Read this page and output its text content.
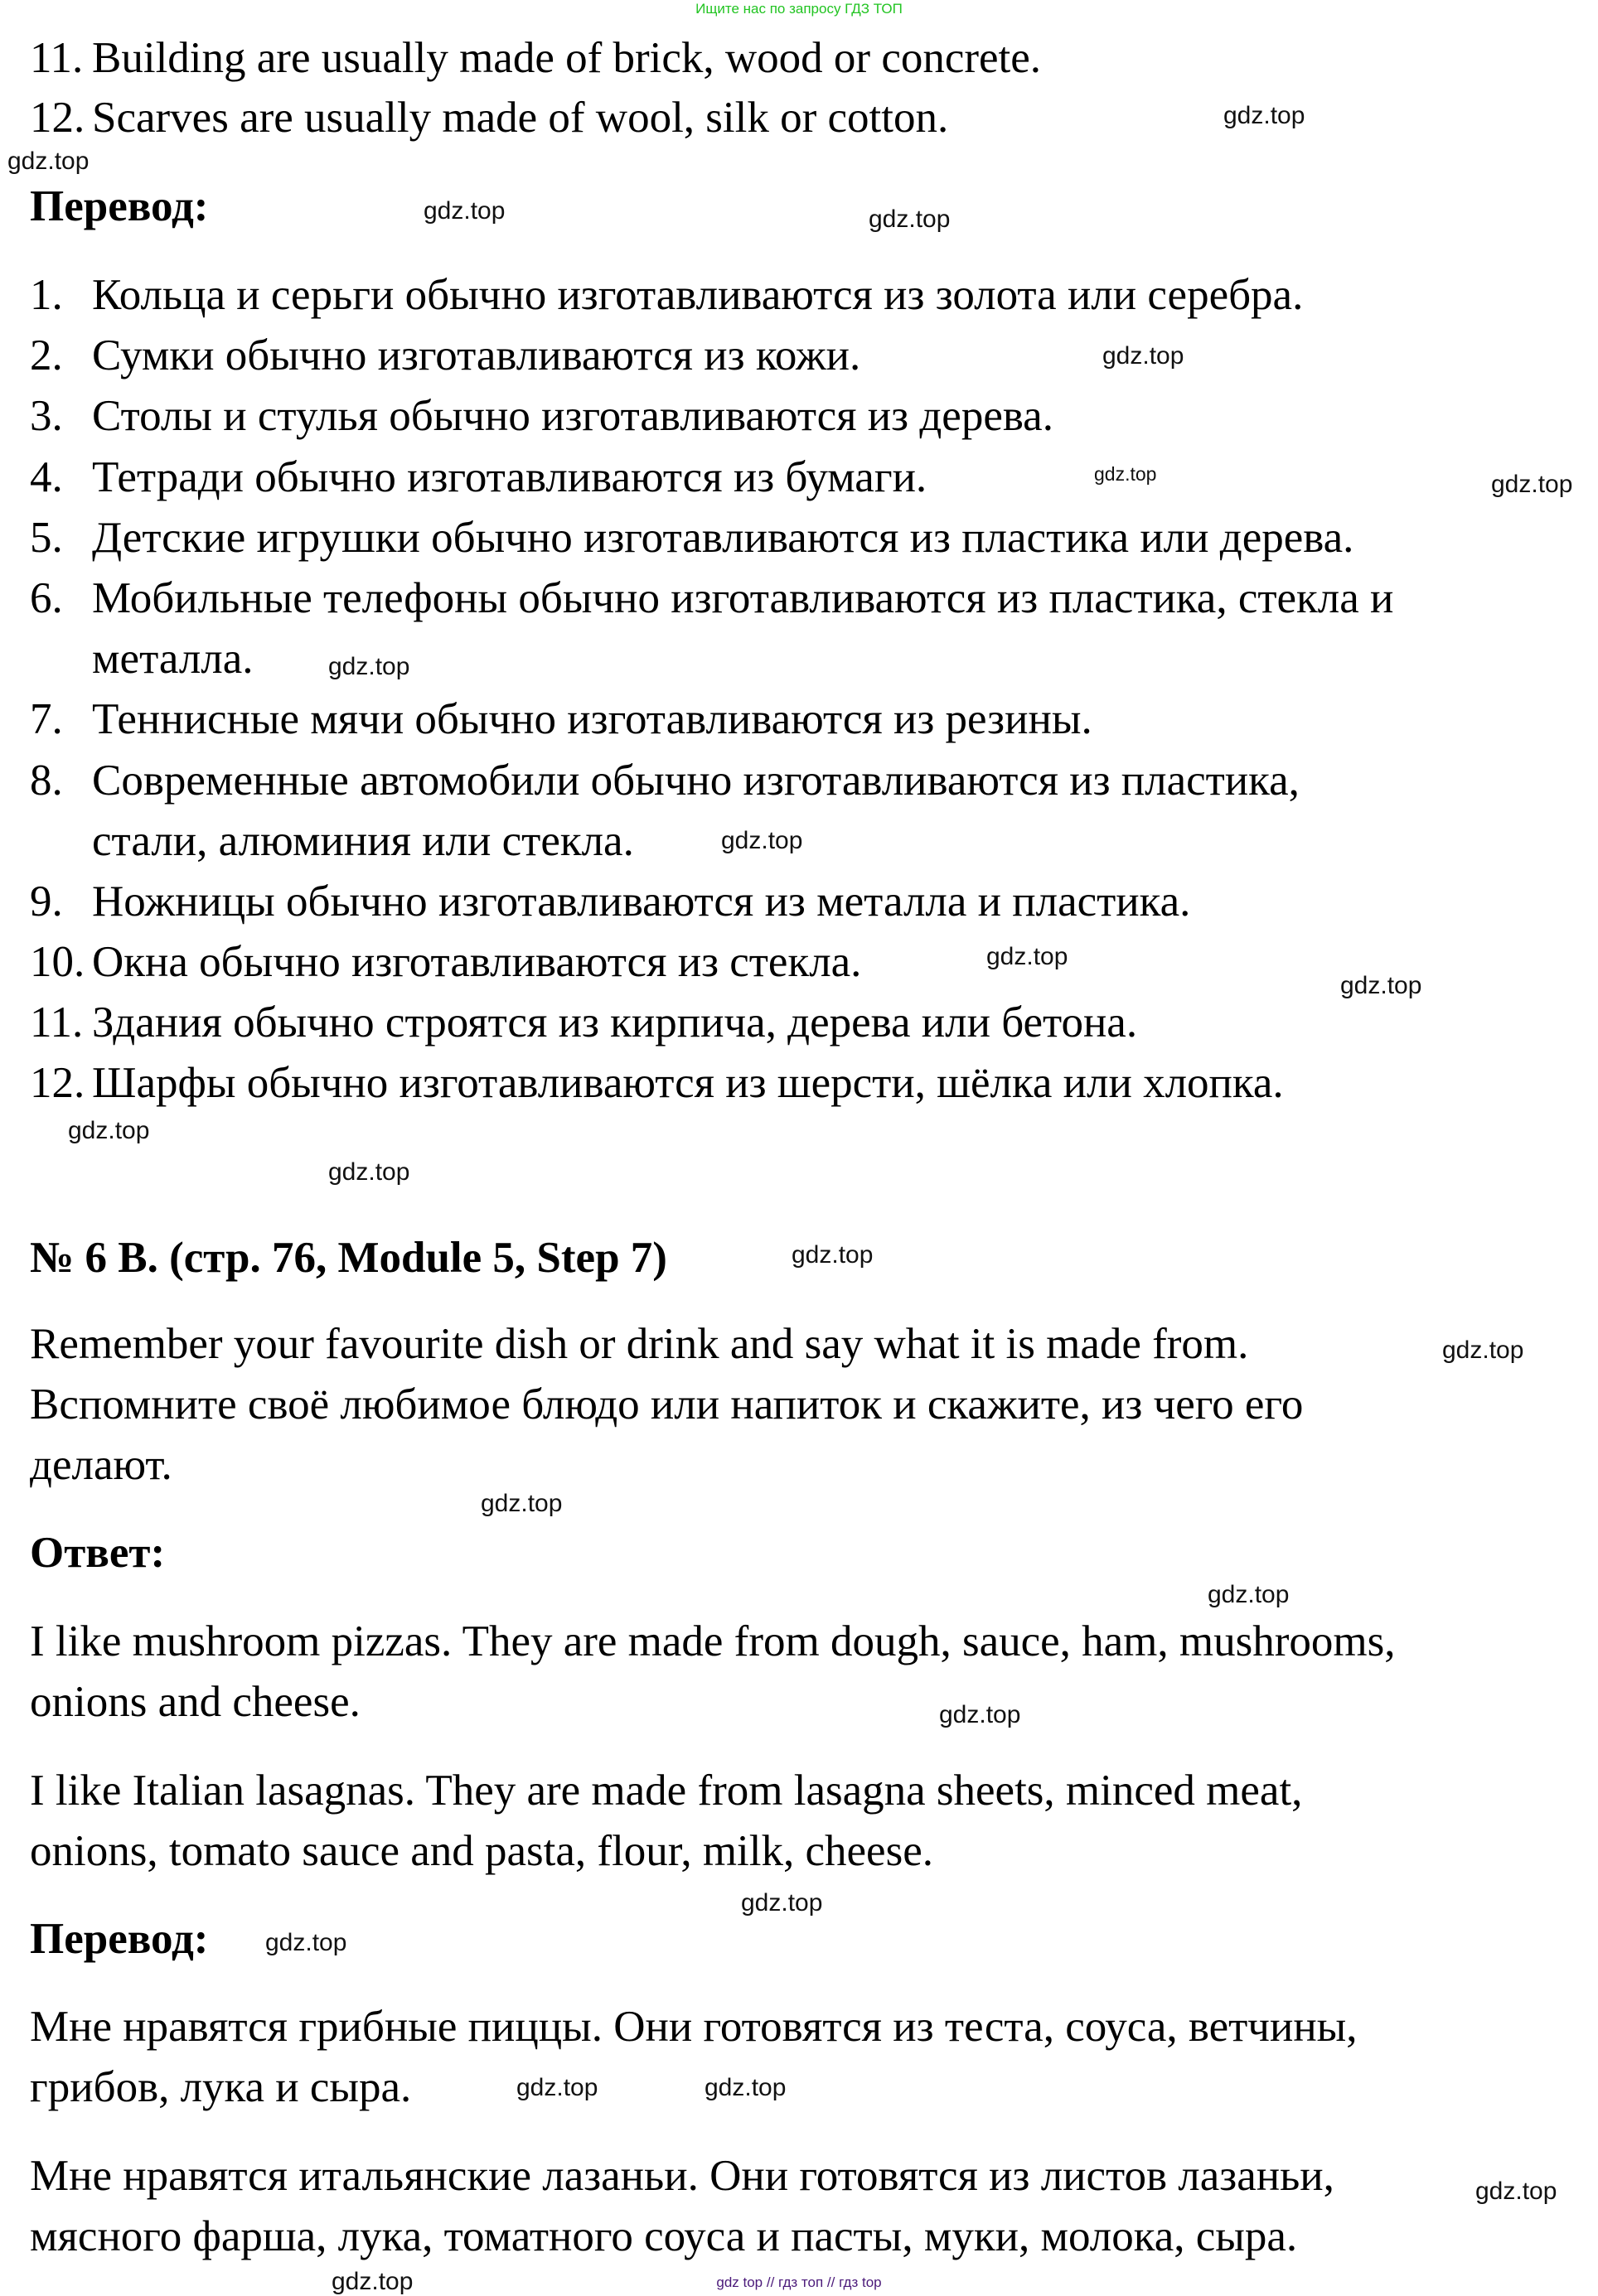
Ищите нас по запросу ГДЗ ТОП
11. Building are usually made of brick, wood or concrete.
12. Scarves are usually made of wool, silk or cotton.
Перевод:
1. Кольца и серьги обычно изготавливаются из золота или серебра.
2. Сумки обычно изготавливаются из кожи.
3. Столы и стулья обычно изготавливаются из дерева.
4. Тетради обычно изготавливаются из бумаги.
5. Детские игрушки обычно изготавливаются из пластика или дерева.
6. Мобильные телефоны обычно изготавливаются из пластика, стекла и
металла.
7. Теннисные мячи обычно изготавливаются из резины.
8. Современные автомобили обычно изготавливаются из пластика,
стали, алюминия или стекла.
9. Ножницы обычно изготавливаются из металла и пластика.
10. Окна обычно изготавливаются из стекла.
11. Здания обычно строятся из кирпича, дерева или бетона.
12. Шарфы обычно изготавливаются из шерсти, шёлка или хлопка.
№ 6 B. (стр. 76, Module 5, Step 7)
Remember your favourite dish or drink and say what it is made from.
Вспомните своё любимое блюдо или напиток и скажите, из чего его
делают.
Ответ:
I like mushroom pizzas. They are made from dough, sauce, ham, mushrooms,
onions and cheese.
I like Italian lasagnas. They are made from lasagna sheets, minced meat,
onions, tomato sauce and pasta, flour, milk, cheese.
Перевод:
Мне нравятся грибные пиццы. Они готовятся из теста, соуса, ветчины,
грибов, лука и сыра.
Мне нравятся итальянские лазаньи. Они готовятся из листов лазаньи,
мясного фарша, лука, томатного соуса и пасты, муки, молока, сыра.
gdz.top
gdz.top
gdz.top	gdz.top
gdz.top
gdz.top	gdz.top
gdz.top
gdz.top
gdz.top
gdz.top
gdz.top
gdz.top
gdz.top
gdz.top
gdz.top
gdz.top
gdz.top
gdz.top
gdz.top
gdz.top	gdz.top
gdz.top
gdz.top	gdz top // гдз топ // гдз top
